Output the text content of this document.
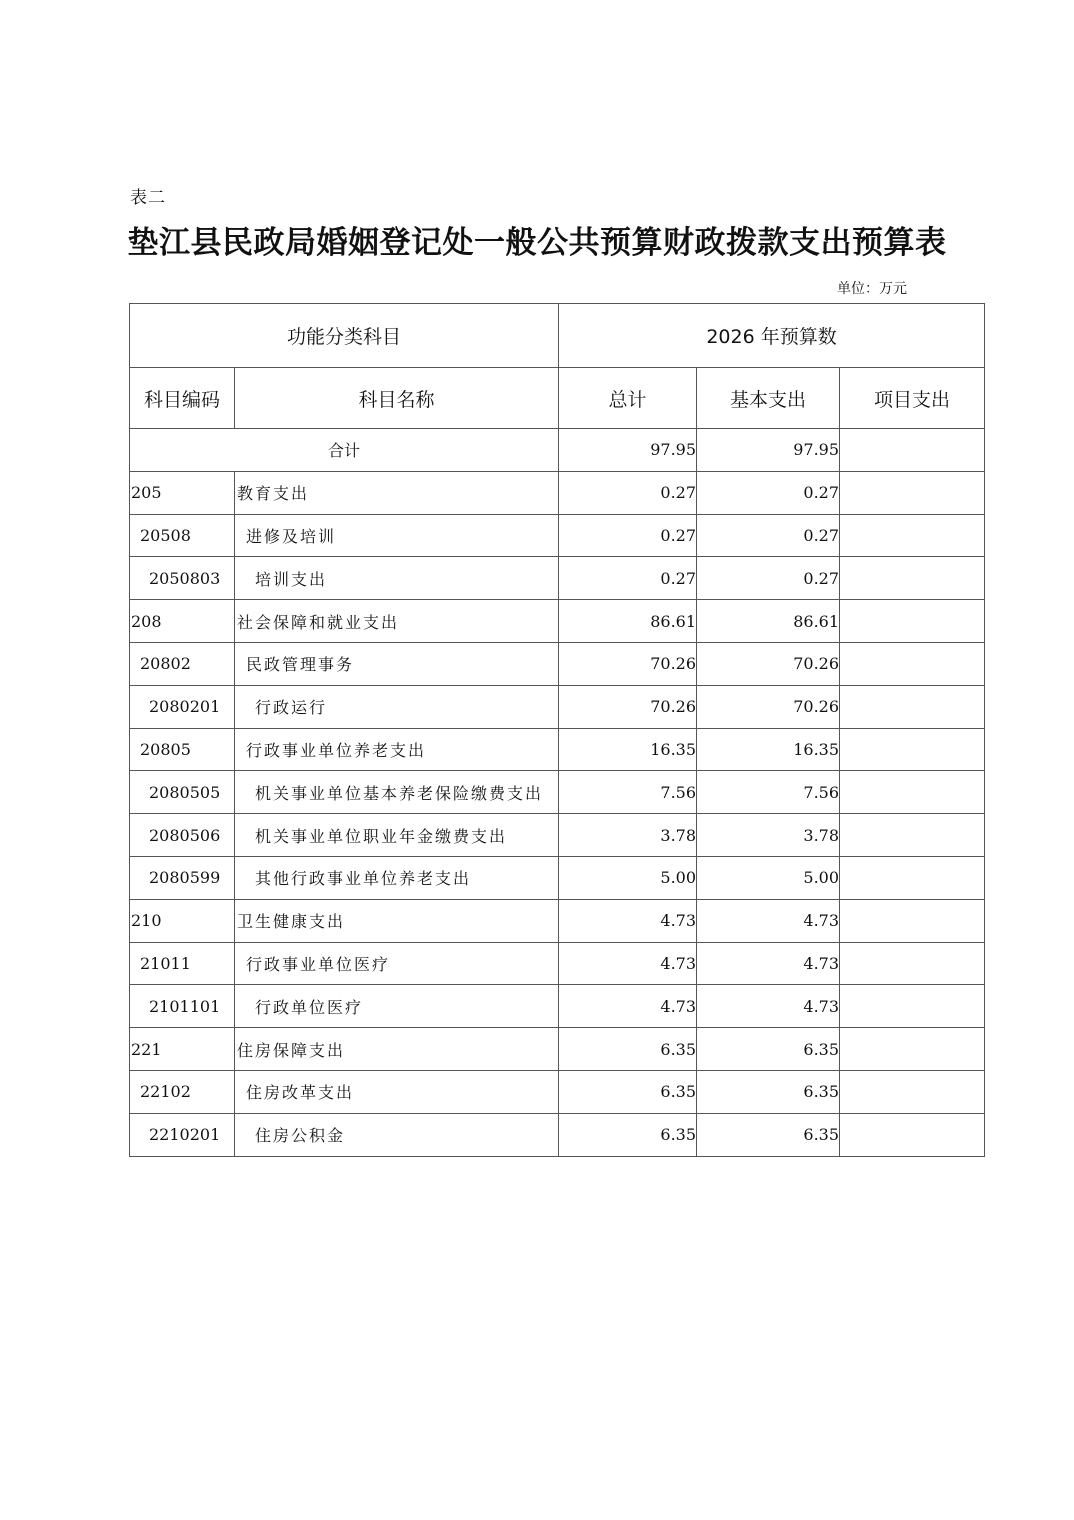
表二
垫江县民政局婚姻登记处一般公共预算财政拨款支出预算表
单位：万元
功能分类科目		2026 年预算数		
科目编码	科目名称	总计	基本支出	项目支出
合计		97.95	97.95	
205	教育支出	0.27	0.27	
20508	进修及培训	0.27	0.27	
2050803	培训支出	0.27	0.27	
208	社会保障和就业支出	86.61	86.61	
20802	民政管理事务	70.26	70.26	
2080201	行政运行	70.26	70.26	
20805	行政事业单位养老支出	16.35	16.35	
2080505	机关事业单位基本养老保险缴费支出	7.56	7.56	
2080506	机关事业单位职业年金缴费支出	3.78	3.78	
2080599	其他行政事业单位养老支出	5.00	5.00	
210	卫生健康支出	4.73	4.73	
21011	行政事业单位医疗	4.73	4.73	
2101101	行政单位医疗	4.73	4.73	
221	住房保障支出	6.35	6.35	
22102	住房改革支出	6.35	6.35	
2210201	住房公积金	6.35	6.35	
